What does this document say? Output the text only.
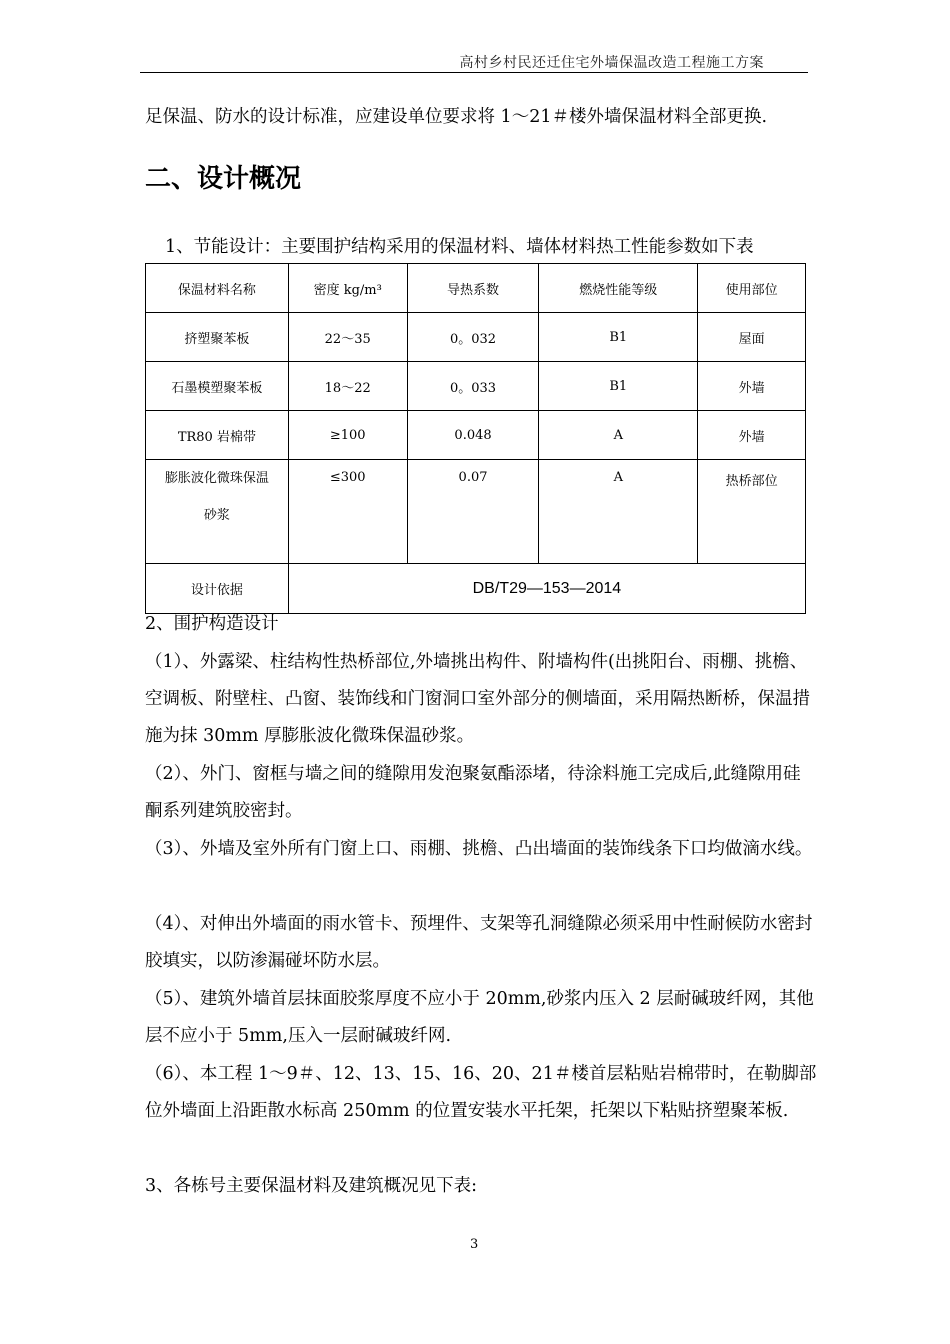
高村乡村民还迁住宅外墙保温改造工程施工方案

足保温、防水的设计标准，应建设单位要求将 1～21＃楼外墙保温材料全部更换.

二、设计概况
1、节能设计：主要围护结构采用的保温材料、墙体材料热工性能参数如下表
保温材料名称	密度 kg/m³	导热系数	燃烧性能等级	使用部位
挤塑聚苯板	22～35	0。032	B1	屋面
石墨模塑聚苯板	18～22	0。033	B1	外墙
TR80 岩棉带	≥100	0.048	A	外墙
膨胀波化微珠保温砂浆	≤300	0.07	A	热桥部位
设计依据	DB/T29—153—2014			
2、围护构造设计

（1）、外露梁、柱结构性热桥部位,外墙挑出构件、附墙构件(出挑阳台、雨棚、挑檐、空调板、附壁柱、凸窗、装饰线和门窗洞口室外部分的侧墙面，采用隔热断桥，保温措施为抹 30mm 厚膨胀波化微珠保温砂浆。

（2）、外门、窗框与墙之间的缝隙用发泡聚氨酯添堵，待涂料施工完成后,此缝隙用硅酮系列建筑胶密封。

（3）、外墙及室外所有门窗上口、雨棚、挑檐、凸出墙面的装饰线条下口均做滴水线。

（4）、对伸出外墙面的雨水管卡、预埋件、支架等孔洞缝隙必须采用中性耐候防水密封胶填实，以防渗漏碰坏防水层。

（5）、建筑外墙首层抹面胶浆厚度不应小于 20mm,砂浆内压入 2 层耐碱玻纤网，其他层不应小于 5mm,压入一层耐碱玻纤网.

（6）、本工程 1～9＃、12、13、15、16、20、21＃楼首层粘贴岩棉带时，在勒脚部位外墙面上沿距散水标高 250mm 的位置安装水平托架，托架以下粘贴挤塑聚苯板.

3、各栋号主要保温材料及建筑概况见下表:
3
